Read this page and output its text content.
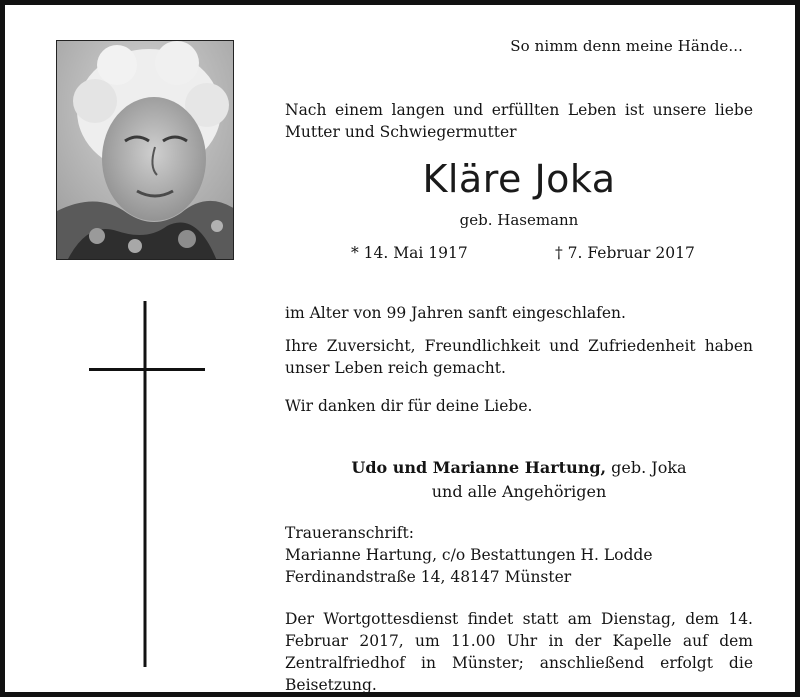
So nimm denn meine Hände...
Nach einem langen und erfüllten Leben ist unsere liebe Mutter und Schwiegermutter
Kläre Joka
geb. Hasemann
* 14. Mai 1917	† 7. Februar 2017
im Alter von 99 Jahren sanft eingeschlafen.
Ihre Zuversicht, Freundlichkeit und Zufriedenheit haben unser Leben reich gemacht.
Wir danken dir für deine Liebe.
Udo und Marianne Hartung, geb. Joka
und alle Angehörigen
Traueranschrift:
Marianne Hartung, c/o Bestattungen H. Lodde
Ferdinandstraße 14, 48147 Münster
Der Wortgottesdienst findet statt am Dienstag, dem 14. Februar 2017, um 11.00 Uhr in der Kapelle auf dem Zentralfriedhof in Münster; anschließend erfolgt die Beisetzung.
